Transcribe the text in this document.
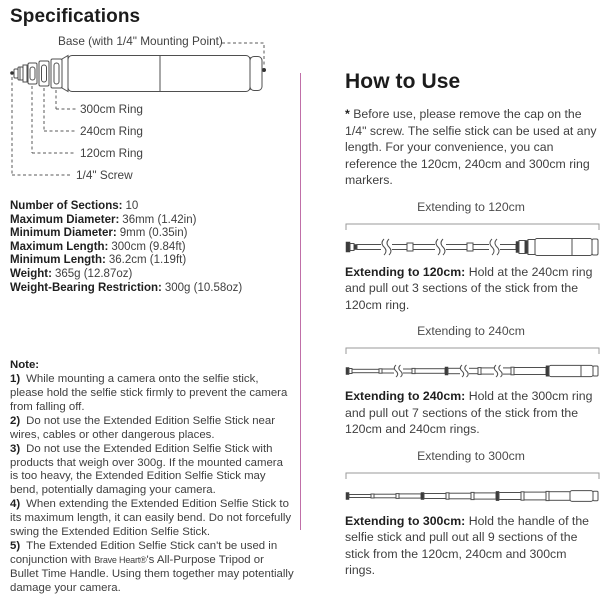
Specifications
Base (with 1/4" Mounting Point)
300cm Ring
240cm Ring
120cm Ring
1/4" Screw
Number of Sections: 10
Maximum Diameter: 36mm (1.42in)
Minimum Diameter: 9mm (0.35in)
Maximum Length: 300cm (9.84ft)
Minimum Length: 36.2cm (1.19ft)
Weight: 365g (12.87oz)
Weight-Bearing Restriction: 300g (10.58oz)
Note:

1) While mounting a camera onto the selfie stick, please hold the selfie stick firmly to prevent the camera from falling off.

2) Do not use the Extended Edition Selfie Stick near wires, cables or other dangerous places.

3) Do not use the Extended Edition Selfie Stick with products that weigh over 300g. If the mounted camera is too heavy, the Extended Edition Selfie Stick may bend, potentially damaging your camera.

4) When extending the Extended Edition Selfie Stick to its maximum length, it can easily bend. Do not forcefully swing the Extended Edition Selfie Stick.

5) The Extended Edition Selfie Stick can't be used in conjunction with Brave Heart®'s All-Purpose Tripod or Bullet Time Handle. Using them together may potentially damage your camera.

How to Use

* Before use, please remove the cap on the 1/4" screw. The selfie stick can be used at any length. For your convenience, you can reference the 120cm, 240cm and 300cm ring markers.

Extending to 120cm

Extending to 120cm: Hold at the 240cm ring and pull out 3 sections of the stick from the 120cm ring.

Extending to 240cm

Extending to 240cm: Hold at the 300cm ring and pull out 7 sections of the stick from the 120cm and 240cm rings.

Extending to 300cm

Extending to 300cm: Hold the handle of the selfie stick and pull out all 9 sections of the stick from the 120cm, 240cm and 300cm rings.
